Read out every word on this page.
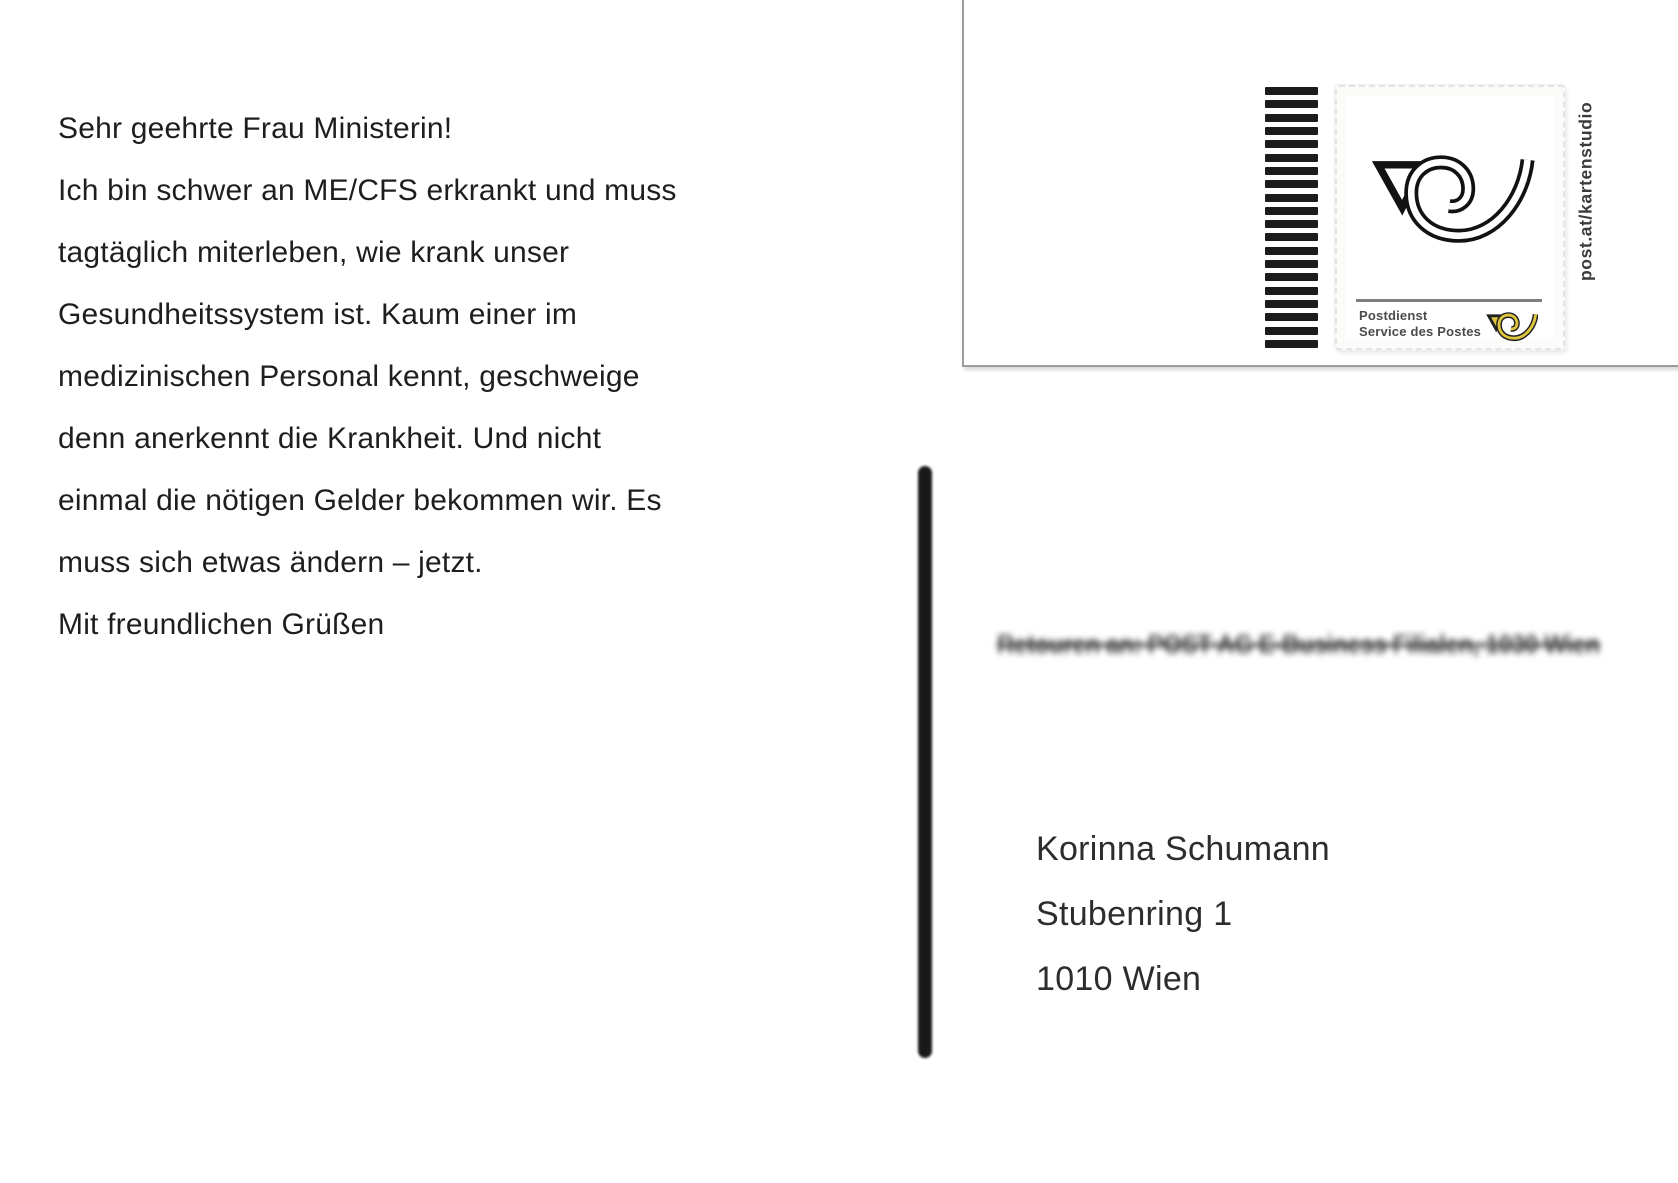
Sehr geehrte Frau Ministerin!
Ich bin schwer an ME/CFS erkrankt und muss
tagtäglich miterleben, wie krank unser
Gesundheitssystem ist. Kaum einer im
medizinischen Personal kennt, geschweige
denn anerkennt die Krankheit. Und nicht
einmal die nötigen Gelder bekommen wir. Es
muss sich etwas ändern – jetzt.
Mit freundlichen Grüßen
Postdienst
Service des Postes
post.at/kartenstudio
Retouren an: POST AG E-Business Filialen, 1030 Wien
Korinna Schumann
Stubenring 1
1010 Wien
